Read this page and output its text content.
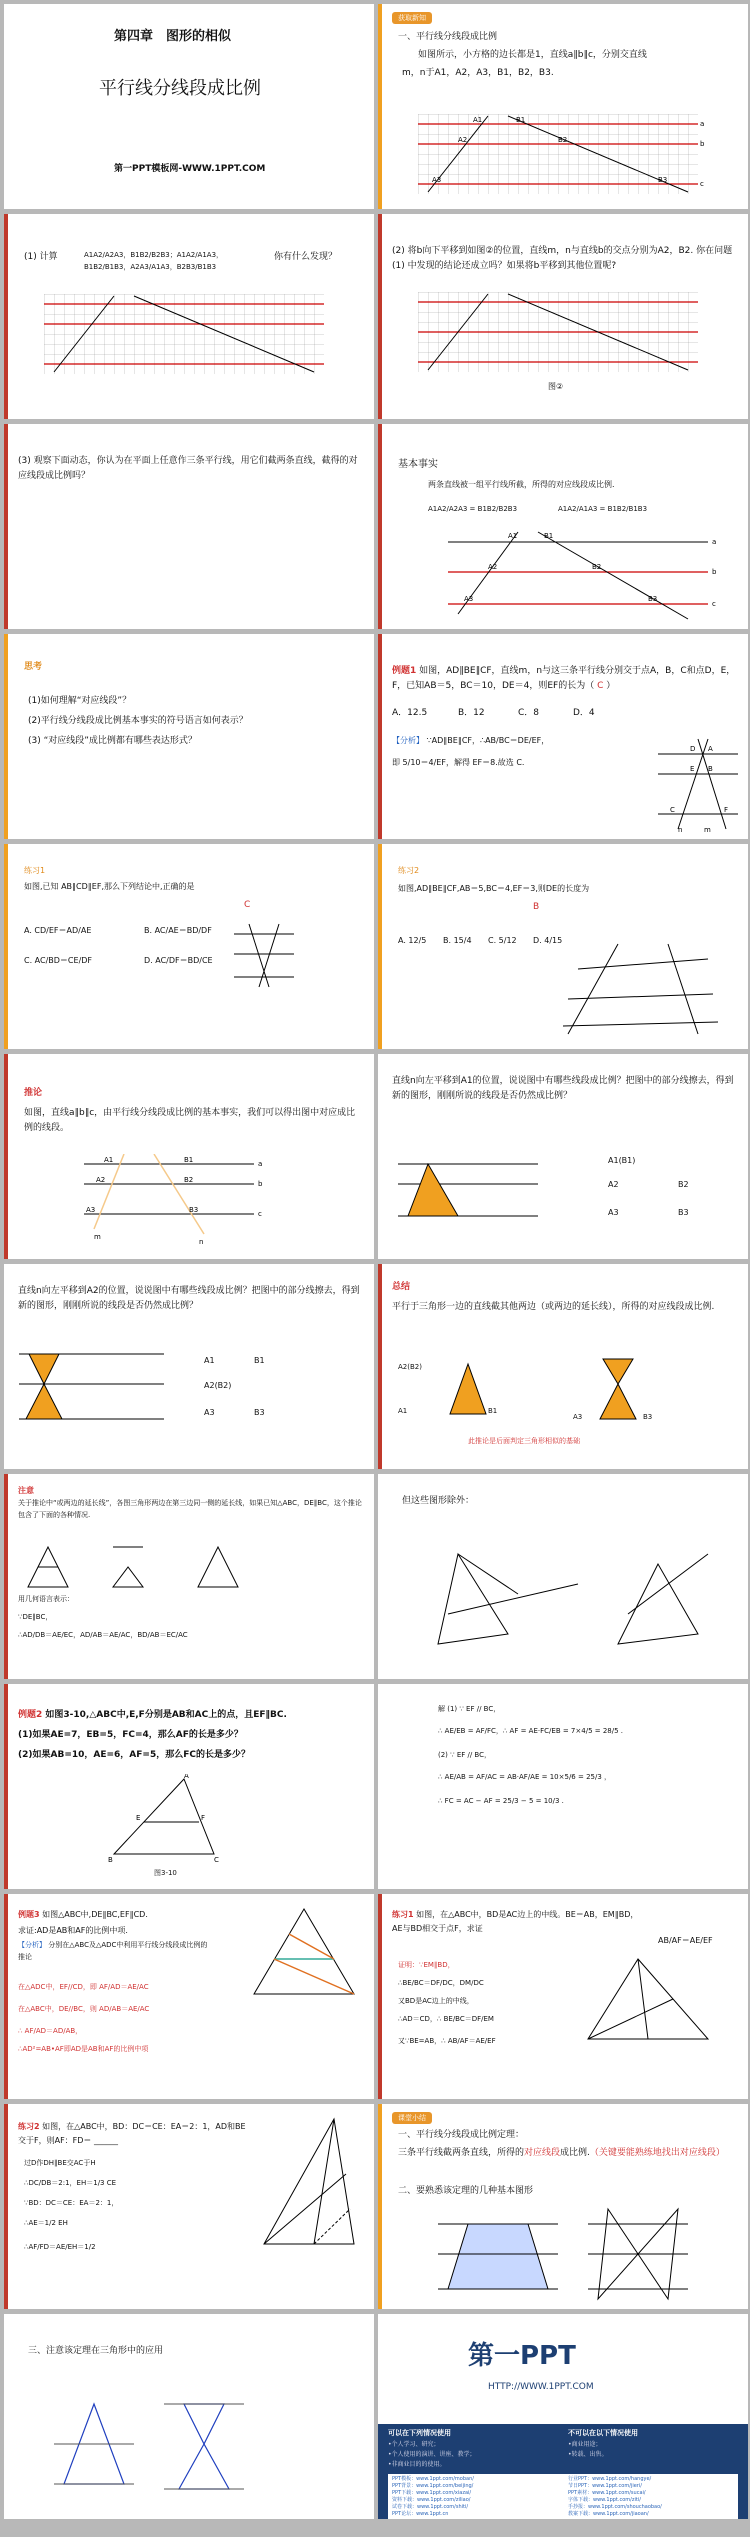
第四章　图形的相似
平行线分线段成比例
第一PPT模板网-WWW.1PPT.COM
获取新知
一、平行线分线段成比例
如图所示，小方格的边长都是1，直线a∥b∥c，分别交直线
m，n于A1，A2，A3，B1，B2，B3.
A1	B1
A2	B2
A3	B3
a
b
c
(1) 计算	A1A2/A2A3，B1B2/B2B3；A1A2/A1A3，B1B2/B1B3，A2A3/A1A3，B2B3/B1B3
你有什么发现？
(2) 将b向下平移到如图②的位置，直线m，n与直线b的交点分别为A2，B2. 你在问题 (1) 中发现的结论还成立吗？如果将b平移到其他位置呢?
图②
(3) 观察下面动态，你认为在平面上任意作三条平行线，用它们截两条直线，截得的对应线段成比例吗？
基本事实
两条直线被一组平行线所截，所得的对应线段成比例.
A1A2/A2A3 = B1B2/B2B3	A1A2/A1A3 = B1B2/B1B3
A1	B1
A2	B2
A3	B3
a
b
c
思考
(1)如何理解“对应线段”？
(2)平行线分线段成比例基本事实的符号语言如何表示？
(3) “对应线段”成比例都有哪些表达形式？
例题1 如图，AD∥BE∥CF，直线m，n与这三条平行线分别交于点A，B，C和点D，E，F，已知AB＝5，BC＝10，DE＝4，则EF的长为（ C ）
A．12.5	B．12	C．8	D．4
【分析】 ∵AD∥BE∥CF，∴AB/BC＝DE/EF，
即 5/10＝4/EF，解得 EF＝8.故选 C.
A
B
C
D
E
F
m
n
练习1
如图,已知 AB∥CD∥EF,那么下列结论中,正确的是
C
A. CD/EF＝AD/AE	B. AC/AE＝BD/DF
C. AC/BD＝CE/DF	D. AC/DF＝BD/CE
练习2
如图,AD∥BE∥CF,AB＝5,BC＝4,EF＝3,则DE的长度为
B
A. 12/5 B. 15/4 C. 5/12 D. 4/15
推论
如图，直线a∥b∥c，由平行线分线段成比例的基本事实，我们可以得出图中对应成比例的线段。
A1	B1
A2	B2
A3	B3
a
b
c
m
n
直线n向左平移到A1的位置，说说图中有哪些线段成比例？把图中的部分线擦去，得到新的图形，刚刚所说的线段是否仍然成比例？
A1(B1)
A2	B2
A3	B3
直线n向左平移到A2的位置，说说图中有哪些线段成比例？把图中的部分线擦去，得到新的图形，刚刚所说的线段是否仍然成比例？
A1	B1
A2(B2)
A3	B3
总结
平行于三角形一边的直线截其他两边（或两边的延长线），所得的对应线段成比例.
A2(B2)
A1	B1
A3	B3
此推论是后面判定三角形相似的基础
注意
关于推论中“或两边的延长线”，各图三角形两边在第三边同一侧的延长线，如果已知△ABC，DE∥BC，这个推论包含了下面的各种情况.
用几何语言表示：
∵DE∥BC，
∴AD/DB＝AE/EC，AD/AB＝AE/AC，BD/AB＝EC/AC
但这些图形除外：
例题2 如图3-10,△ABC中,E,F分别是AB和AC上的点，且EF∥BC.
(1)如果AE=7，EB=5，FC=4，那么AF的长是多少？
(2)如果AB=10，AE=6，AF=5，那么FC的长是多少？
A
B	C
E	F
图3-10
解 (1) ∵ EF // BC，
∴ AE/EB = AF/FC，∴ AF = AE·FC/EB = 7×4/5 = 28/5 .
(2) ∵ EF // BC，
∴ AE/AB = AF/AC = AB·AF/AE = 10×5/6 = 25/3 ，
∴ FC = AC − AF = 25/3 − 5 = 10/3 .
例题3 如图△ABC中,DE∥BC,EF∥CD.
求证:AD是AB和AF的比例中项.
【分析】 分别在△ABC及△ADC中利用平行线分线段成比例的推论
在△ADC中，EF//CD，即 AF/AD＝AE/AC
在△ABC中，DE//BC，则 AD/AB＝AE/AC
∴ AF/AD＝AD/AB，
∴AD²=AB•AF即AD是AB和AF的比例中项
练习1 如图，在△ABC中，BD是AC边上的中线。BE＝AB，EM∥BD，AE与BD相交于点F，求证
AB/AF＝AE/EF
证明：∵EM∥BD，
∴BE/BC＝DF/DC，DM/DC
又BD是AC边上的中线，
∴AD＝CD，∴ BE/BC＝DF/EM
又∵BE=AB，∴ AB/AF＝AE/EF
练习2 如图，在△ABC中，BD：DC＝CE：EA＝2：1，AD和BE交于F，则AF：FD＝ ______
过D作DH∥BE交AC于H
∴DC/DB＝2:1，EH＝1/3 CE
∵BD：DC＝CE：EA＝2：1，
∴AE＝1/2 EH
∴AF/FD＝AE/EH＝1/2
课堂小结
一、平行线分线段成比例定理：
三条平行线截两条直线，所得的对应线段成比例.（关键要能熟练地找出对应线段）
二、要熟悉该定理的几种基本图形
三、注意该定理在三角形中的应用	第一PPT
HTTP://WWW.1PPT.COM
可以在下列情况使用
•个人学习、研究；
•个人使用的演讲、讲座、教学；
•非商业目的的使用。
不可以在以下情况使用
•商业用途；
•转载、出售。
PPT模板：www.1ppt.com/moban/
PPT背景：www.1ppt.com/beijing/
PPT下载：www.1ppt.com/xiazai/
资料下载：www.1ppt.com/ziliao/
试卷下载：www.1ppt.com/shiti/
PPT论坛：www.1ppt.cn
行业PPT：www.1ppt.com/hangye/
节日PPT：www.1ppt.com/jieri/
PPT素材：www.1ppt.com/sucai/
字体下载：www.1ppt.com/ziti/
手抄报：www.1ppt.com/shouchaobao/
教案下载：www.1ppt.com/jiaoan/
